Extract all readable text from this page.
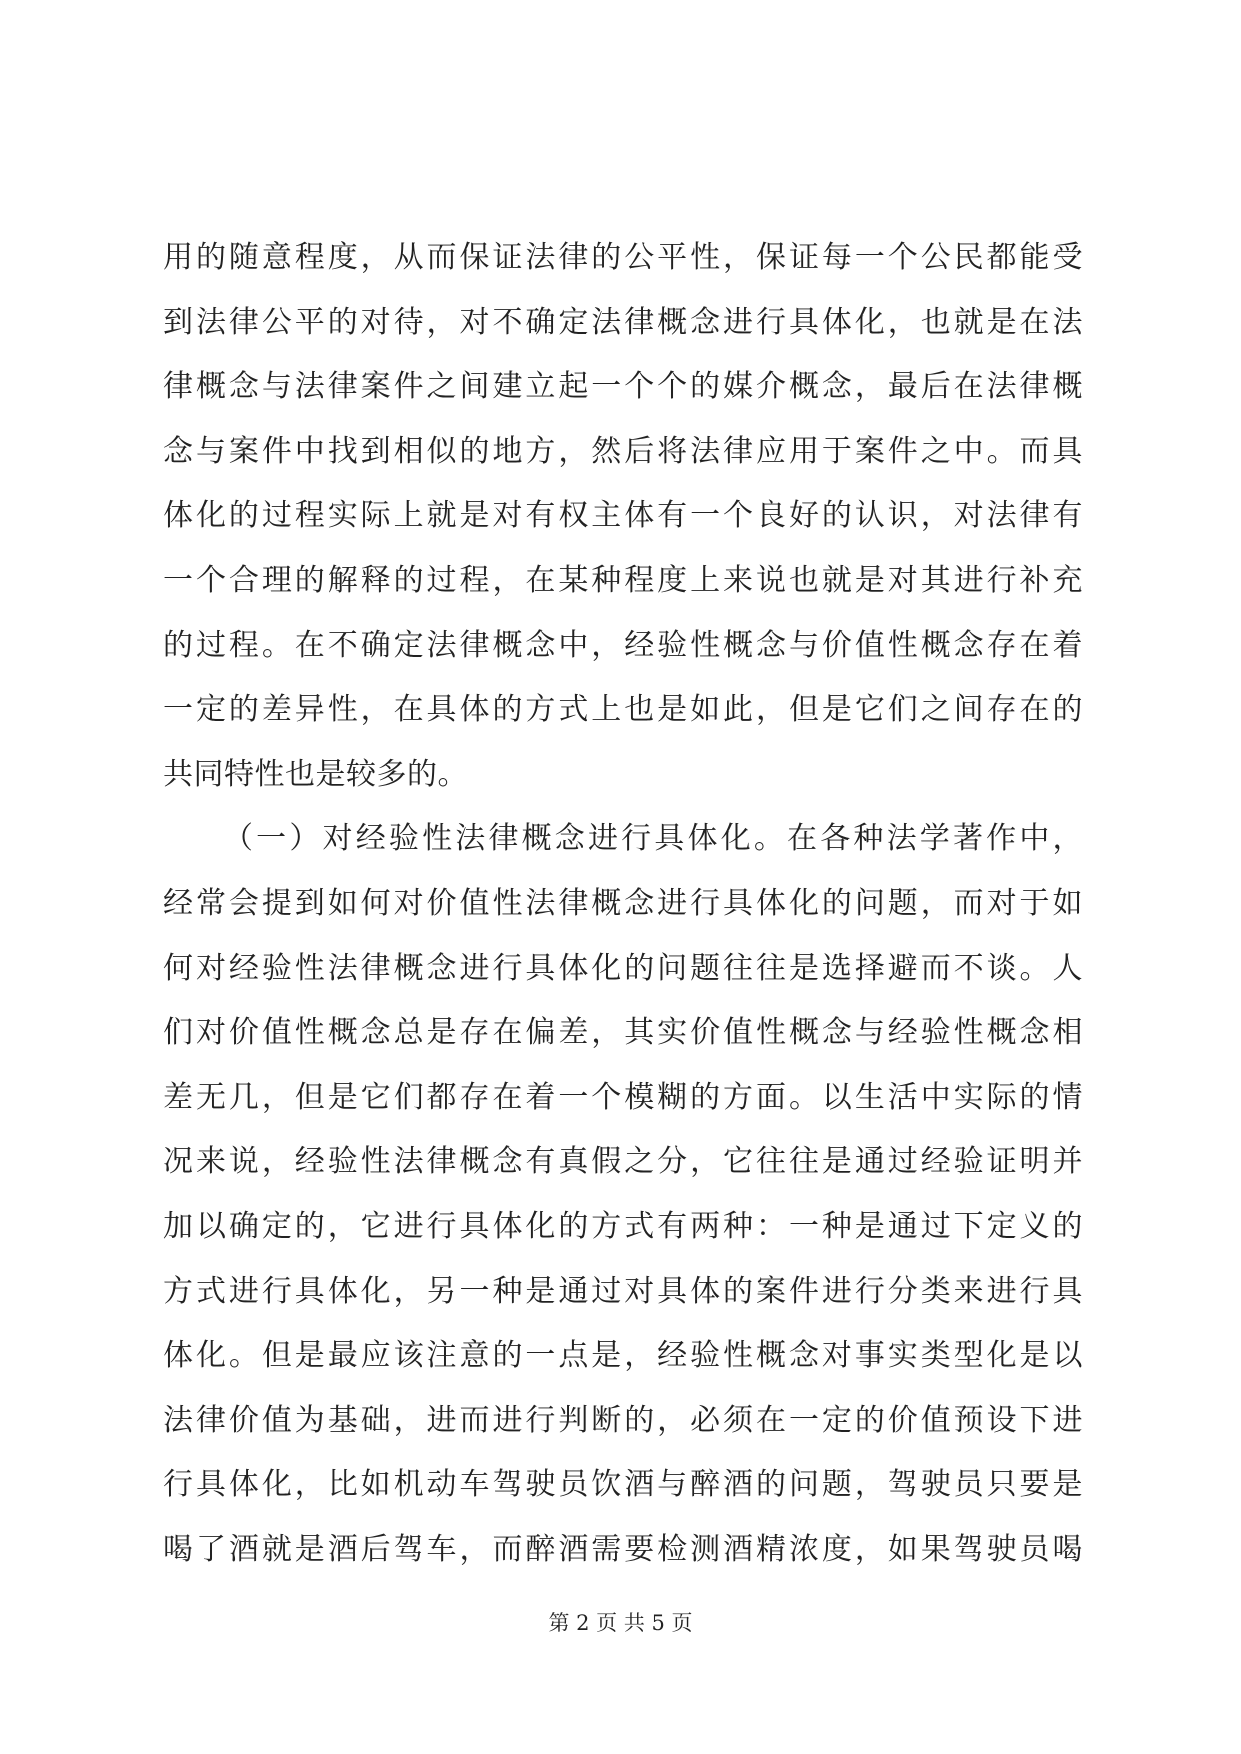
用的随意程度，从而保证法律的公平性，保证每一个公民都能受
到法律公平的对待，对不确定法律概念进行具体化，也就是在法
律概念与法律案件之间建立起一个个的媒介概念，最后在法律概
念与案件中找到相似的地方，然后将法律应用于案件之中。而具
体化的过程实际上就是对有权主体有一个良好的认识，对法律有
一个合理的解释的过程，在某种程度上来说也就是对其进行补充
的过程。在不确定法律概念中，经验性概念与价值性概念存在着
一定的差异性，在具体的方式上也是如此，但是它们之间存在的
共同特性也是较多的。
（一）对经验性法律概念进行具体化。在各种法学著作中，
经常会提到如何对价值性法律概念进行具体化的问题，而对于如
何对经验性法律概念进行具体化的问题往往是选择避而不谈。人
们对价值性概念总是存在偏差，其实价值性概念与经验性概念相
差无几，但是它们都存在着一个模糊的方面。以生活中实际的情
况来说，经验性法律概念有真假之分，它往往是通过经验证明并
加以确定的，它进行具体化的方式有两种：一种是通过下定义的
方式进行具体化，另一种是通过对具体的案件进行分类来进行具
体化。但是最应该注意的一点是，经验性概念对事实类型化是以
法律价值为基础，进而进行判断的，必须在一定的价值预设下进
行具体化，比如机动车驾驶员饮酒与醉酒的问题，驾驶员只要是
喝了酒就是酒后驾车，而醉酒需要检测酒精浓度，如果驾驶员喝
第 2 页 共 5 页
